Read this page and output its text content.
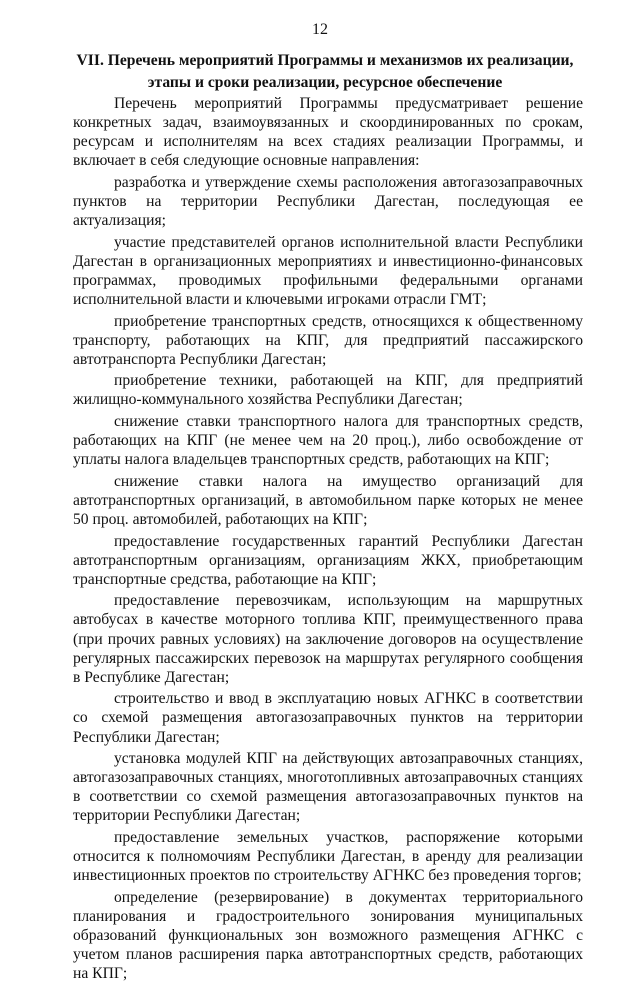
12
VII. Перечень мероприятий Программы и механизмов их реализации, этапы и сроки реализации, ресурсное обеспечение

Перечень мероприятий Программы предусматривает решение конкретных задач, взаимоувязанных и скоординированных по срокам, ресурсам и исполнителям на всех стадиях реализации Программы, и включает в себя следующие основные направления:

разработка и утверждение схемы расположения автогазозаправочных пунктов на территории Республики Дагестан, последующая ее актуализация;

участие представителей органов исполнительной власти Республики Дагестан в организационных мероприятиях и инвестиционно-финансовых программах, проводимых профильными федеральными органами исполнительной власти и ключевыми игроками отрасли ГМТ;

приобретение транспортных средств, относящихся к общественному транспорту, работающих на КПГ, для предприятий пассажирского автотранспорта Республики Дагестан;

приобретение техники, работающей на КПГ, для предприятий жилищно-коммунального хозяйства Республики Дагестан;

снижение ставки транспортного налога для транспортных средств, работающих на КПГ (не менее чем на 20 проц.), либо освобождение от уплаты налога владельцев транспортных средств, работающих на КПГ;

снижение ставки налога на имущество организаций для автотранспортных организаций, в автомобильном парке которых не менее 50 проц. автомобилей, работающих на КПГ;

предоставление государственных гарантий Республики Дагестан автотранспортным организациям, организациям ЖКХ, приобретающим транспортные средства, работающие на КПГ;

предоставление перевозчикам, использующим на маршрутных автобусах в качестве моторного топлива КПГ, преимущественного права (при прочих равных условиях) на заключение договоров на осуществление регулярных пассажирских перевозок на маршрутах регулярного сообщения в Республике Дагестан;

строительство и ввод в эксплуатацию новых АГНКС в соответствии со схемой размещения автогазозаправочных пунктов на территории Республики Дагестан;

установка модулей КПГ на действующих автозаправочных станциях, автогазозаправочных станциях, многотопливных автозаправочных станциях в соответствии со схемой размещения автогазозаправочных пунктов на территории Республики Дагестан;

предоставление земельных участков, распоряжение которыми относится к полномочиям Республики Дагестан, в аренду для реализации инвестиционных проектов по строительству АГНКС без проведения торгов;

определение (резервирование) в документах территориального планирования и градостроительного зонирования муниципальных образований функциональных зон возможного размещения АГНКС с учетом планов расширения парка автотранспортных средств, работающих на КПГ;
